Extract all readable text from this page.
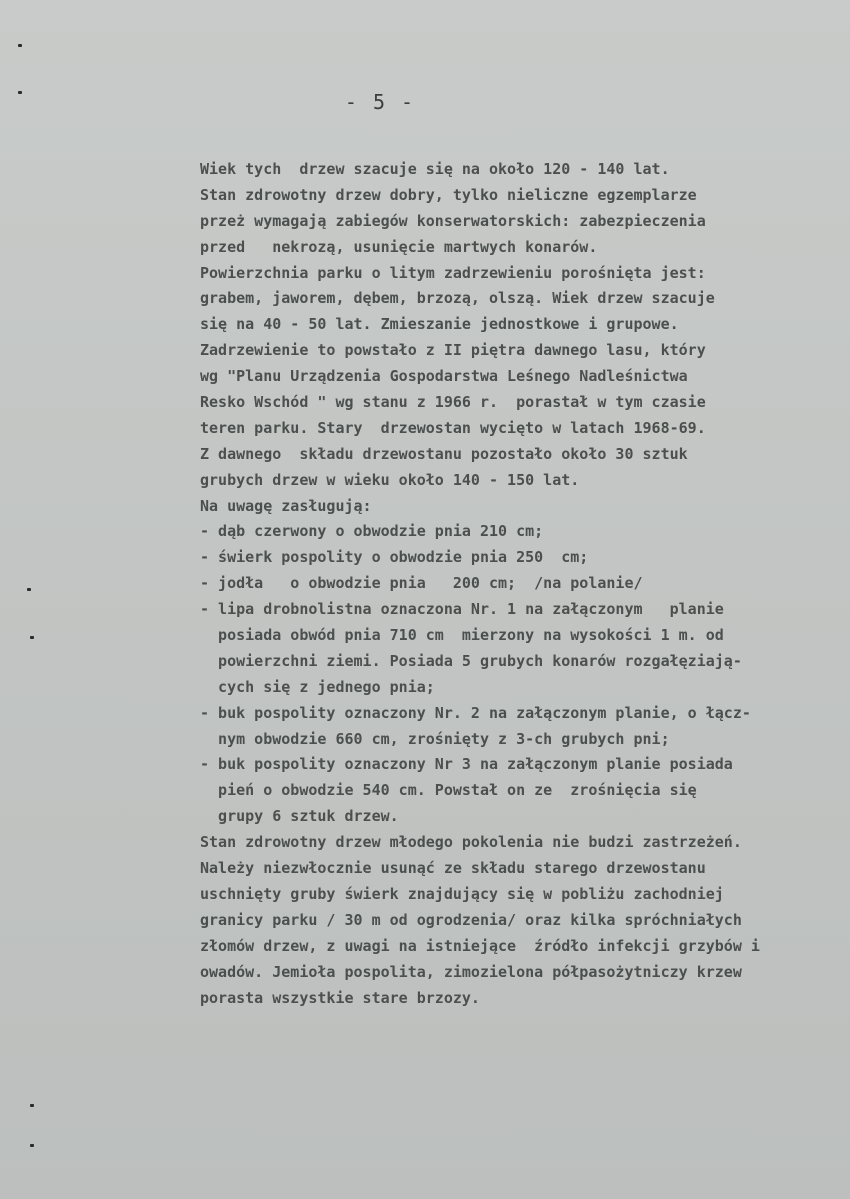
- 5 -
Wiek tych  drzew szacuje się na około 120 - 140 lat.
Stan zdrowotny drzew dobry, tylko nieliczne egzemplarze
przeż wymagają zabiegów konserwatorskich: zabezpieczenia
przed   nekrozą, usunięcie martwych konarów.
Powierzchnia parku o litym zadrzewieniu porośnięta jest:
grabem, jaworem, dębem, brzozą, olszą. Wiek drzew szacuje
się na 40 - 50 lat. Zmieszanie jednostkowe i grupowe.
Zadrzewienie to powstało z II piętra dawnego lasu, który
wg "Planu Urządzenia Gospodarstwa Leśnego Nadleśnictwa
Resko Wschód " wg stanu z 1966 r.  porastał w tym czasie
teren parku. Stary  drzewostan wycięto w latach 1968-69.
Z dawnego  składu drzewostanu pozostało około 30 sztuk
grubych drzew w wieku około 140 - 150 lat.
Na uwagę zasługują:
- dąb czerwony o obwodzie pnia 210 cm;
- świerk pospolity o obwodzie pnia 250  cm;
- jodła   o obwodzie pnia   200 cm;  /na polanie/
- lipa drobnolistna oznaczona Nr. 1 na załączonym   planie
posiada obwód pnia 710 cm  mierzony na wysokości 1 m. od
powierzchni ziemi. Posiada 5 grubych konarów rozgałęziają-
cych się z jednego pnia;
- buk pospolity oznaczony Nr. 2 na załączonym planie, o łącz-
nym obwodzie 660 cm, zrośnięty z 3-ch grubych pni;
- buk pospolity oznaczony Nr 3 na załączonym planie posiada
pień o obwodzie 540 cm. Powstał on ze  zrośnięcia się
grupy 6 sztuk drzew.
Stan zdrowotny drzew młodego pokolenia nie budzi zastrzeżeń.
Należy niezwłocznie usunąć ze składu starego drzewostanu
uschnięty gruby świerk znajdujący się w pobliżu zachodniej
granicy parku / 30 m od ogrodzenia/ oraz kilka spróchniałych
złomów drzew, z uwagi na istniejące  źródło infekcji grzybów i
owadów. Jemioła pospolita, zimozielona półpasożytniczy krzew
porasta wszystkie stare brzozy.
